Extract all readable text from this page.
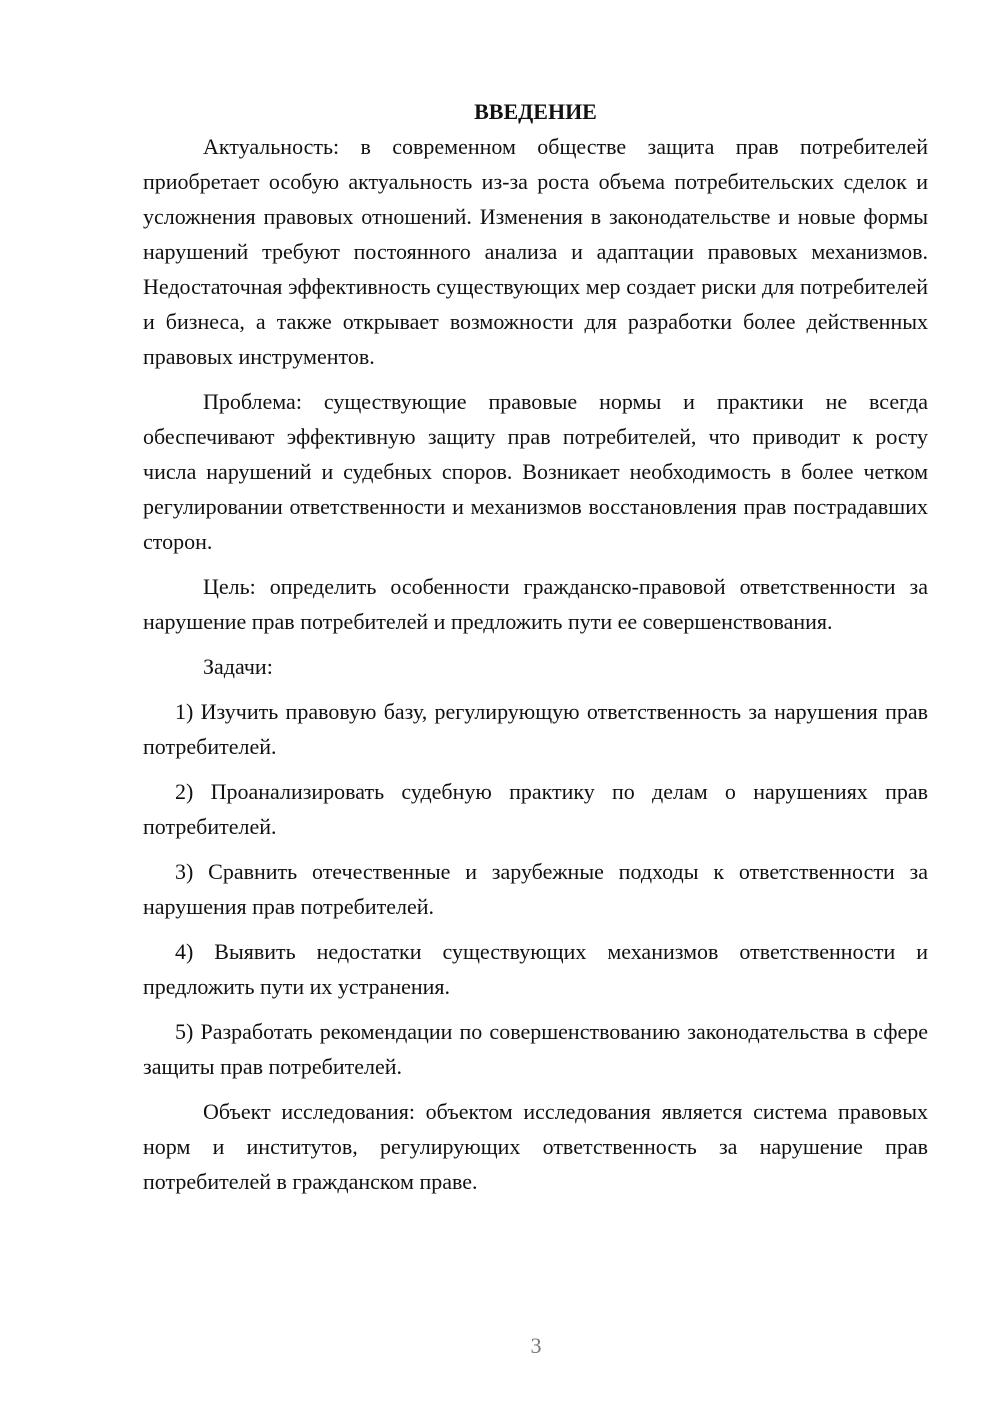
ВВЕДЕНИЕ

Актуальность: в современном обществе защита прав потребителей приобретает особую актуальность из-за роста объема потребительских сделок и усложнения правовых отношений. Изменения в законодательстве и новые формы нарушений требуют постоянного анализа и адаптации правовых механизмов. Недостаточная эффективность существующих мер создает риски для потребителей и бизнеса, а также открывает возможности для разработки более действенных правовых инструментов.

Проблема: существующие правовые нормы и практики не всегда обеспечивают эффективную защиту прав потребителей, что приводит к росту числа нарушений и судебных споров. Возникает необходимость в более четком регулировании ответственности и механизмов восстановления прав пострадавших сторон.

Цель: определить особенности гражданско-правовой ответственности за нарушение прав потребителей и предложить пути ее совершенствования.

Задачи:

1) Изучить правовую базу, регулирующую ответственность за нарушения прав потребителей.

2) Проанализировать судебную практику по делам о нарушениях прав потребителей.

3) Сравнить отечественные и зарубежные подходы к ответственности за нарушения прав потребителей.

4) Выявить недостатки существующих механизмов ответственности и предложить пути их устранения.

5) Разработать рекомендации по совершенствованию законодательства в сфере защиты прав потребителей.

Объект исследования: объектом исследования является система правовых норм и институтов, регулирующих ответственность за нарушение прав потребителей в гражданском праве.

3
